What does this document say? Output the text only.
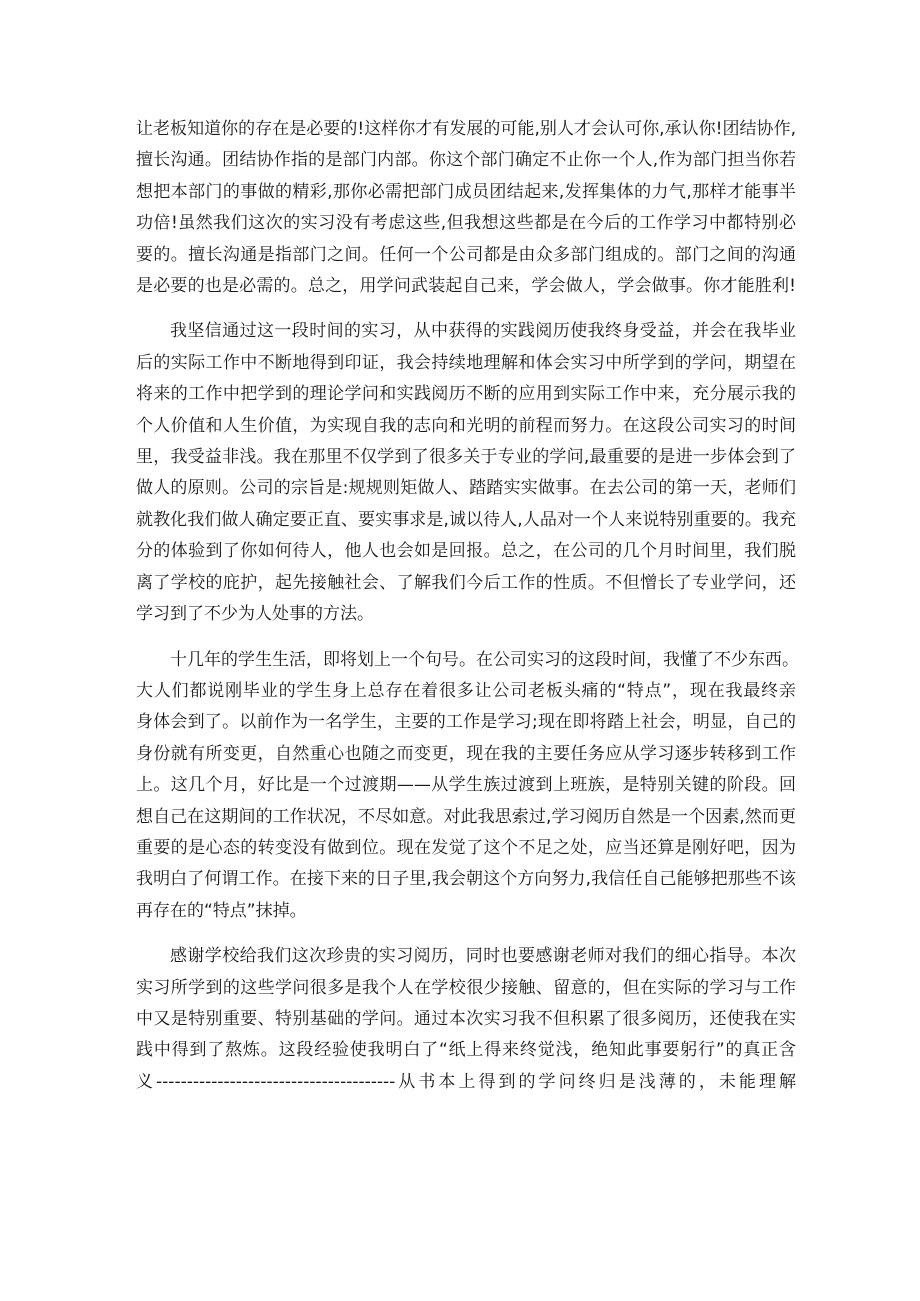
让老板知道你的存在是必要的!这样你才有发展的可能,别人才会认可你,承认你!团结协作,
擅长沟通。团结协作指的是部门内部。你这个部门确定不止你一个人,作为部门担当你若
想把本部门的事做的精彩,那你必需把部门成员团结起来,发挥集体的力气,那样才能事半
功倍!虽然我们这次的实习没有考虑这些,但我想这些都是在今后的工作学习中都特别必
要的。擅长沟通是指部门之间。任何一个公司都是由众多部门组成的。部门之间的沟通
是必要的也是必需的。总之，用学问武装起自己来，学会做人，学会做事。你才能胜利!
我坚信通过这一段时间的实习，从中获得的实践阅历使我终身受益，并会在我毕业
后的实际工作中不断地得到印证，我会持续地理解和体会实习中所学到的学问，期望在
将来的工作中把学到的理论学问和实践阅历不断的应用到实际工作中来，充分展示我的
个人价值和人生价值，为实现自我的志向和光明的前程而努力。在这段公司实习的时间
里，我受益非浅。我在那里不仅学到了很多关于专业的学问,最重要的是进一步体会到了
做人的原则。公司的宗旨是:规规则矩做人、踏踏实实做事。在去公司的第一天，老师们
就教化我们做人确定要正直、要实事求是,诚以待人,人品对一个人来说特别重要的。我充
分的体验到了你如何待人，他人也会如是回报。总之，在公司的几个月时间里，我们脱
离了学校的庇护，起先接触社会、了解我们今后工作的性质。不但憎长了专业学问，还
学习到了不少为人处事的方法。
十几年的学生生活，即将划上一个句号。在公司实习的这段时间，我懂了不少东西。
大人们都说刚毕业的学生身上总存在着很多让公司老板头痛的“特点”，现在我最终亲
身体会到了。以前作为一名学生，主要的工作是学习;现在即将踏上社会，明显，自己的
身份就有所变更，自然重心也随之而变更，现在我的主要任务应从学习逐步转移到工作
上。这几个月，好比是一个过渡期——从学生族过渡到上班族，是特别关键的阶段。回
想自己在这期间的工作状况，不尽如意。对此我思索过,学习阅历自然是一个因素,然而更
重要的是心态的转变没有做到位。现在发觉了这个不足之处，应当还算是刚好吧，因为
我明白了何谓工作。在接下来的日子里,我会朝这个方向努力,我信任自己能够把那些不该
再存在的“特点”抹掉。
感谢学校给我们这次珍贵的实习阅历，同时也要感谢老师对我们的细心指导。本次
实习所学到的这些学问很多是我个人在学校很少接触、留意的，但在实际的学习与工作
中又是特别重要、特别基础的学问。通过本次实习我不但积累了很多阅历，还使我在实
践中得到了熬炼。这段经验使我明白了“纸上得来终觉浅，绝知此事要躬行”的真正含
义---------------------------------------从书本上得到的学问终归是浅薄的，未能理解
